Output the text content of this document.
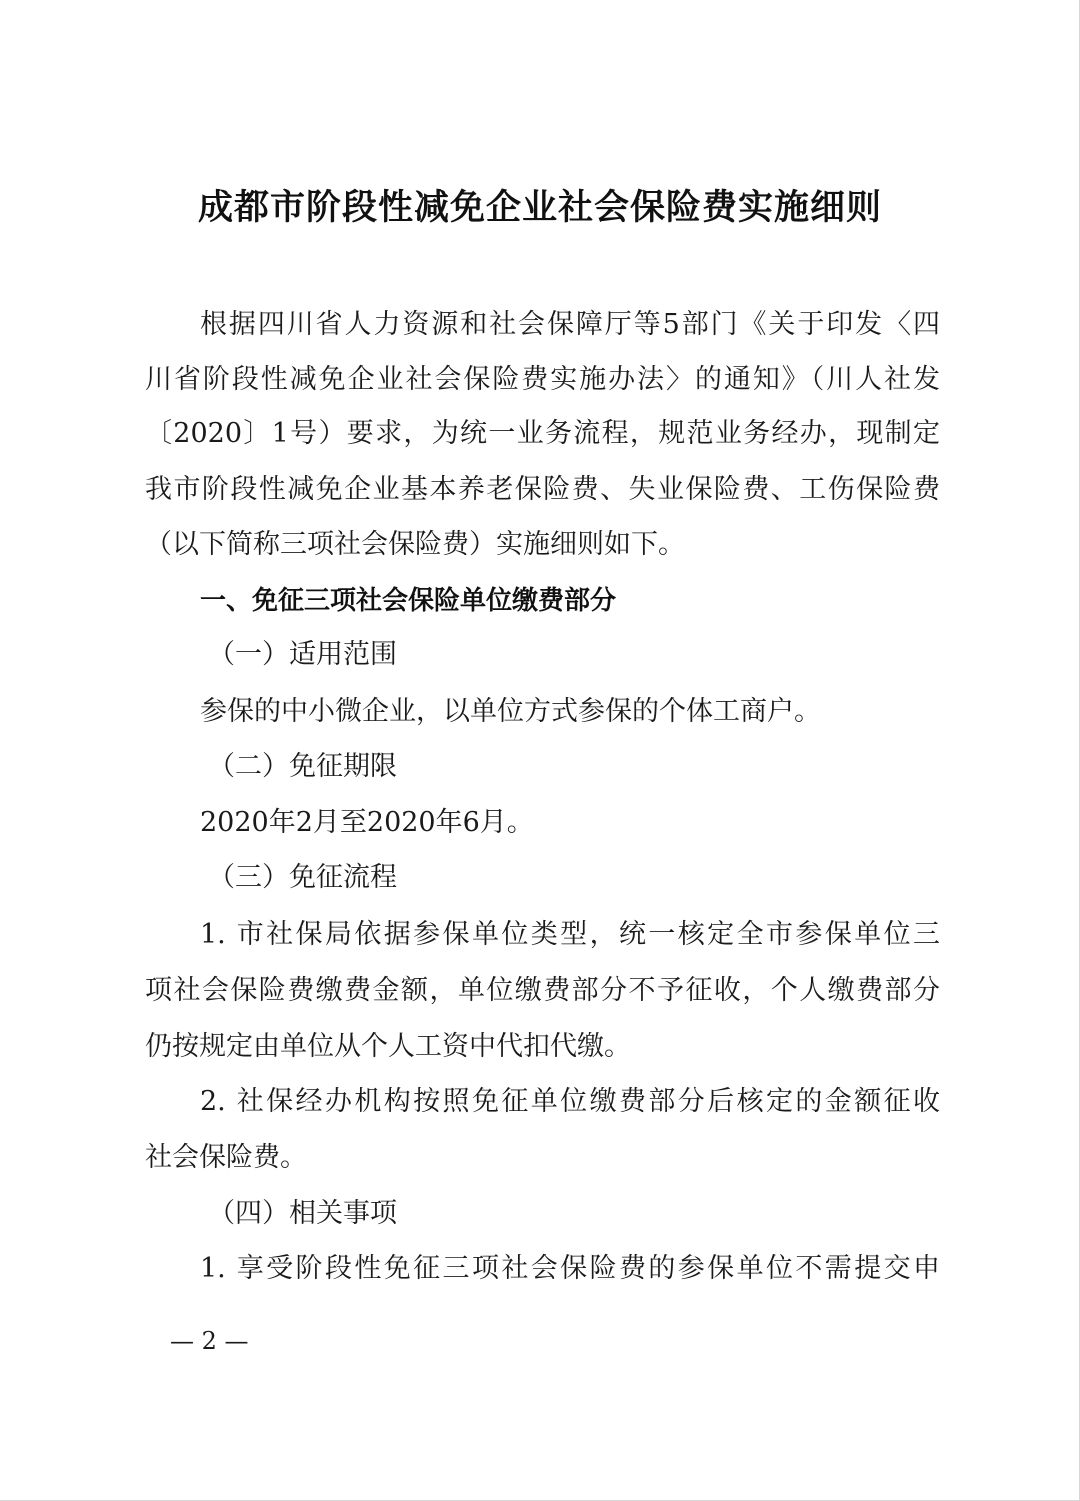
成都市阶段性减免企业社会保险费实施细则
根据四川省人力资源和社会保障厅等5部门《关于印发〈四
川省阶段性减免企业社会保险费实施办法〉的通知》（川人社发
〔2020〕1号）要求，为统一业务流程，规范业务经办，现制定
我市阶段性减免企业基本养老保险费、失业保险费、工伤保险费
（以下简称三项社会保险费）实施细则如下。
一、免征三项社会保险单位缴费部分
（一）适用范围
参保的中小微企业，以单位方式参保的个体工商户。
（二）免征期限
2020年2月至2020年6月。
（三）免征流程
1. 市社保局依据参保单位类型，统一核定全市参保单位三
项社会保险费缴费金额，单位缴费部分不予征收，个人缴费部分
仍按规定由单位从个人工资中代扣代缴。
2. 社保经办机构按照免征单位缴费部分后核定的金额征收
社会保险费。
（四）相关事项
1. 享受阶段性免征三项社会保险费的参保单位不需提交申
— 2 —
